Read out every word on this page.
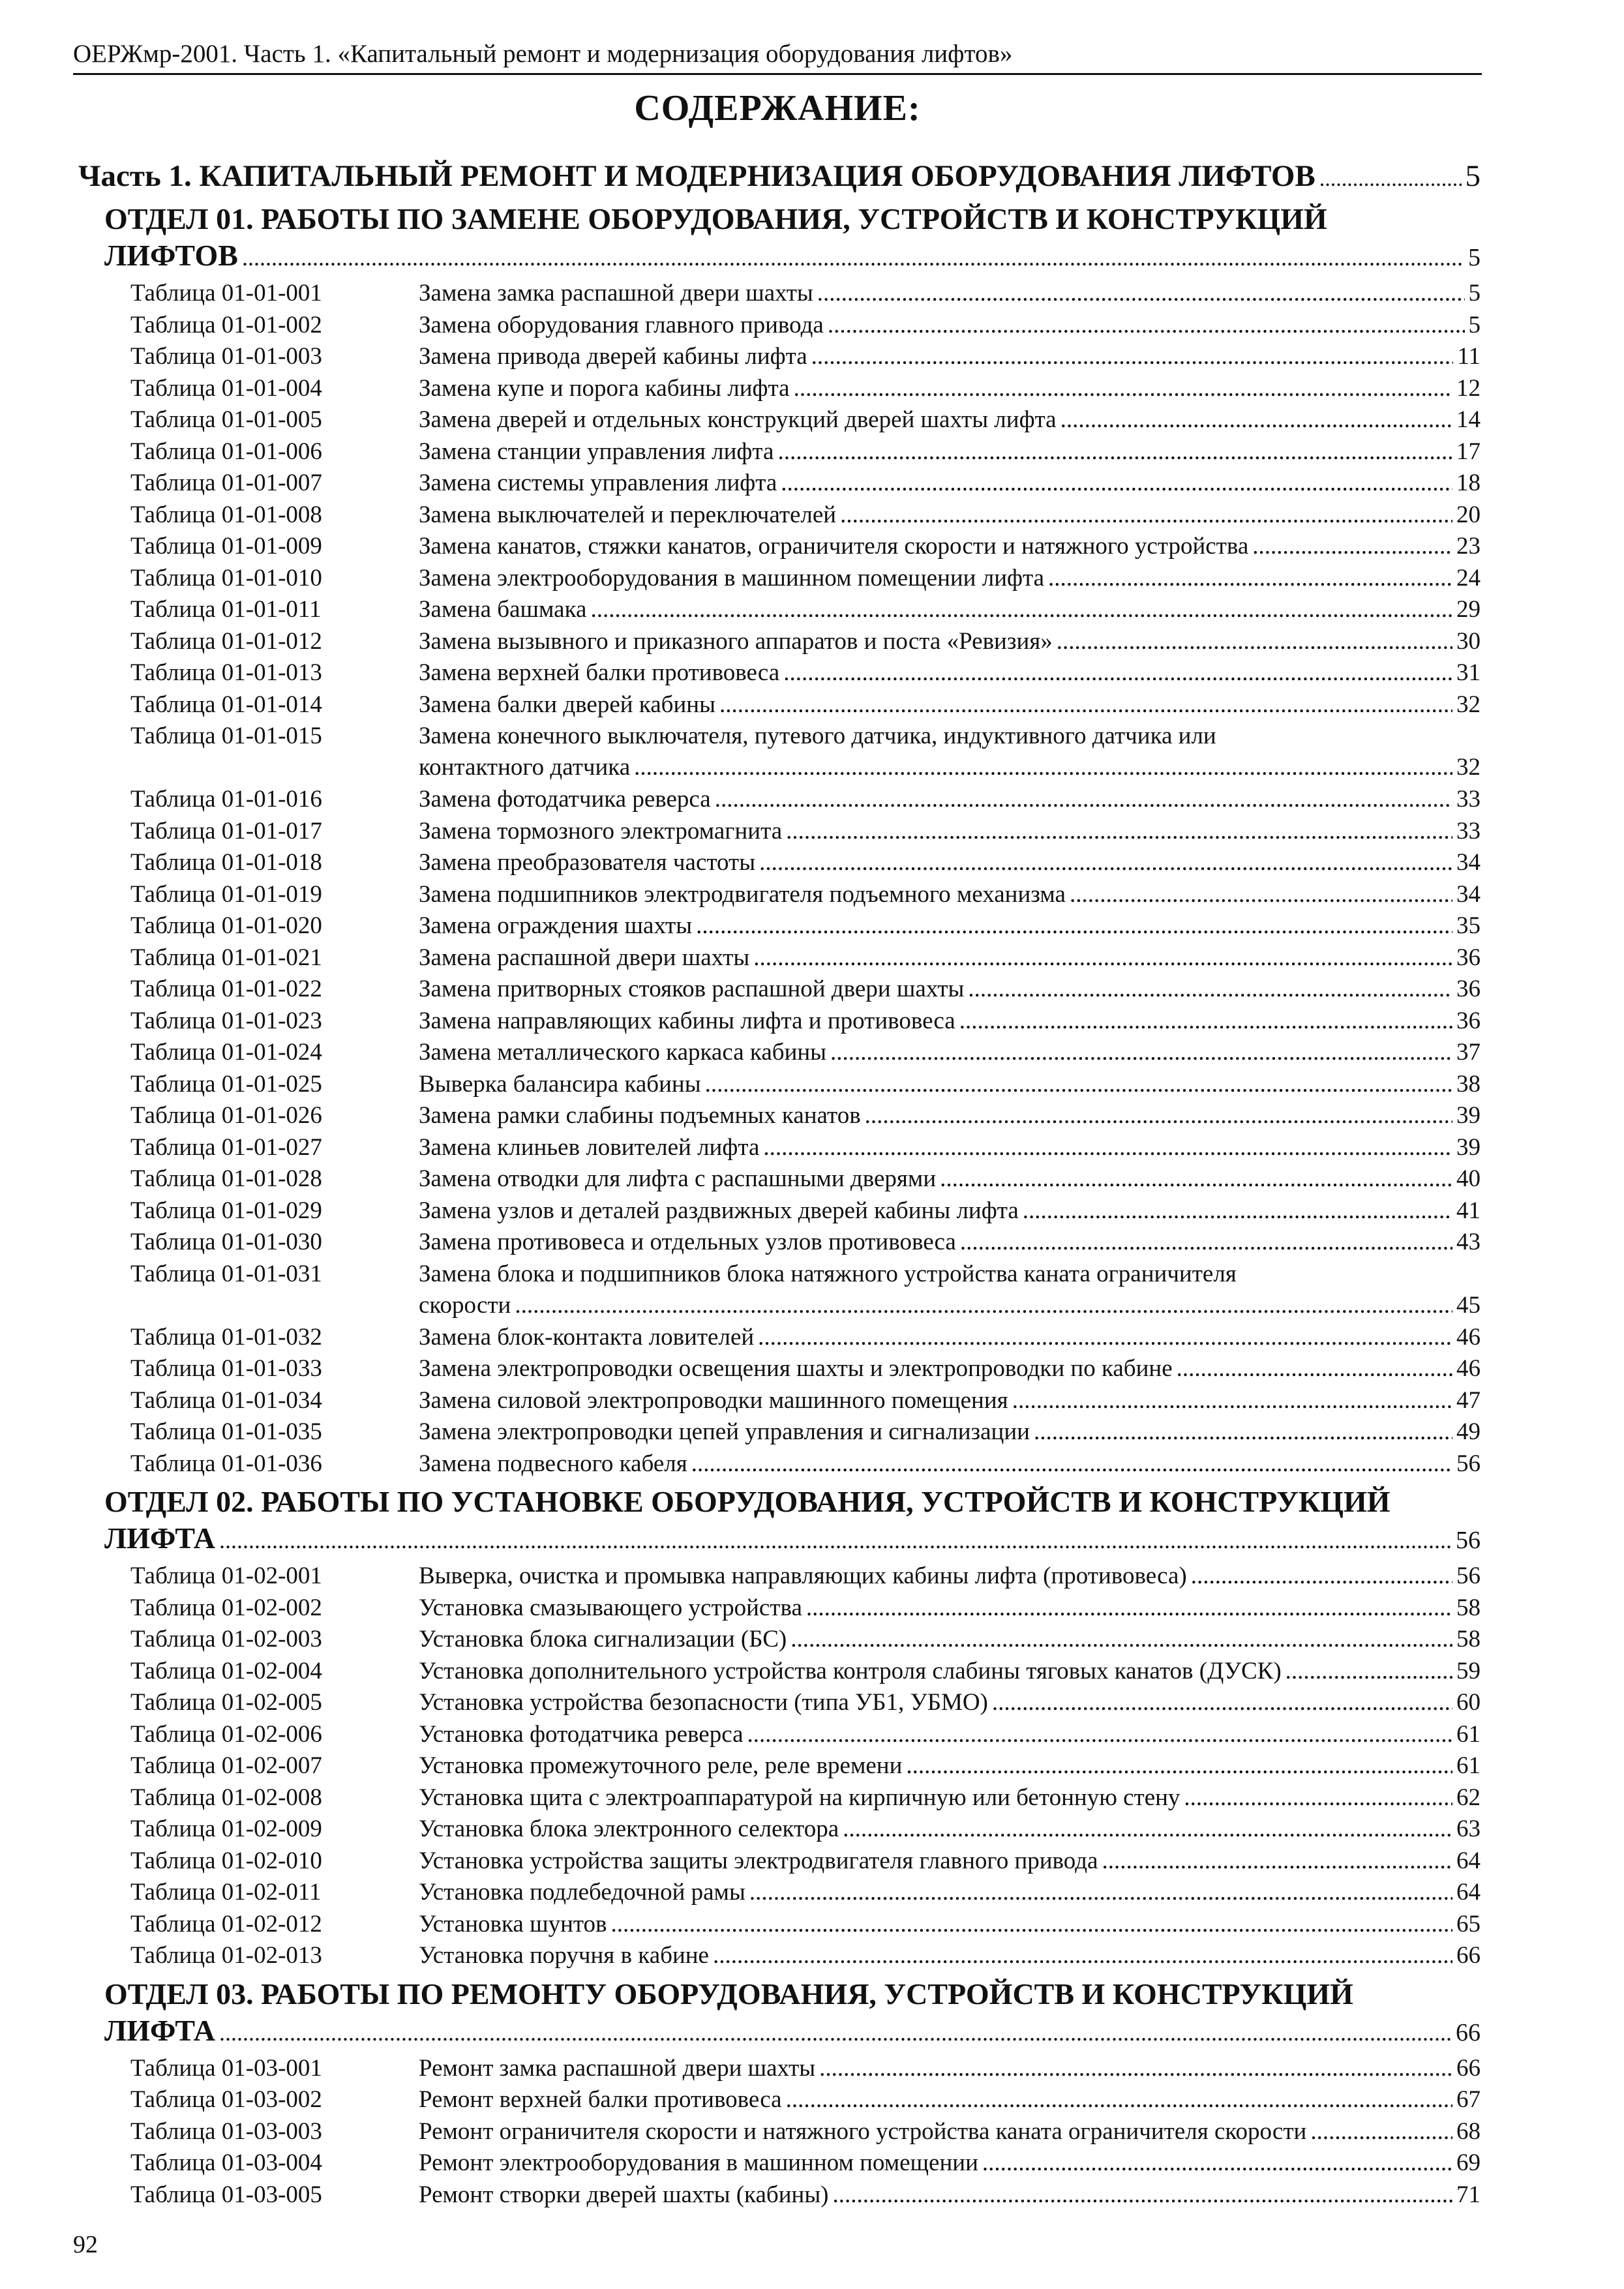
ОЕРЖмр-2001. Часть 1. «Капитальный ремонт и модернизация оборудования лифтов»
СОДЕРЖАНИЕ:
Часть 1. КАПИТАЛЬНЫЙ РЕМОНТ И МОДЕРНИЗАЦИЯ ОБОРУДОВАНИЯ ЛИФТОВ .....	5
ОТДЕЛ 01. РАБОТЫ ПО ЗАМЕНЕ ОБОРУДОВАНИЯ, УСТРОЙСТВ И КОНСТРУКЦИЙ
ЛИФТОВ .....	5
Таблица 01-01-001	Замена замка распашной двери шахты .....	5
Таблица 01-01-002	Замена оборудования главного привода .....	5
Таблица 01-01-003	Замена привода дверей кабины лифта .....	11
Таблица 01-01-004	Замена купе и порога кабины лифта .....	12
Таблица 01-01-005	Замена дверей и отдельных конструкций дверей шахты лифта .....	14
Таблица 01-01-006	Замена станции управления лифта .....	17
Таблица 01-01-007	Замена системы управления лифта .....	18
Таблица 01-01-008	Замена выключателей и переключателей .....	20
Таблица 01-01-009	Замена канатов, стяжки канатов, ограничителя скорости и натяжного устройства .....	23
Таблица 01-01-010	Замена электрооборудования в машинном помещении лифта .....	24
Таблица 01-01-011	Замена башмака .....	29
Таблица 01-01-012	Замена вызывного и приказного аппаратов и поста «Ревизия» .....	30
Таблица 01-01-013	Замена верхней балки противовеса .....	31
Таблица 01-01-014	Замена балки дверей кабины .....	32
Таблица 01-01-015	Замена конечного выключателя, путевого датчика, индуктивного датчика или
контактного датчика .....	32
Таблица 01-01-016	Замена фотодатчика реверса .....	33
Таблица 01-01-017	Замена тормозного электромагнита .....	33
Таблица 01-01-018	Замена преобразователя частоты .....	34
Таблица 01-01-019	Замена подшипников электродвигателя подъемного механизма .....	34
Таблица 01-01-020	Замена ограждения шахты .....	35
Таблица 01-01-021	Замена распашной двери шахты .....	36
Таблица 01-01-022	Замена притворных стояков распашной двери шахты .....	36
Таблица 01-01-023	Замена направляющих кабины лифта и противовеса .....	36
Таблица 01-01-024	Замена металлического каркаса кабины .....	37
Таблица 01-01-025	Выверка балансира кабины .....	38
Таблица 01-01-026	Замена рамки слабины подъемных канатов .....	39
Таблица 01-01-027	Замена клиньев ловителей лифта .....	39
Таблица 01-01-028	Замена отводки для лифта с распашными дверями .....	40
Таблица 01-01-029	Замена узлов и деталей раздвижных дверей кабины лифта .....	41
Таблица 01-01-030	Замена противовеса и отдельных узлов противовеса .....	43
Таблица 01-01-031	Замена блока и подшипников блока натяжного устройства каната ограничителя
скорости .....	45
Таблица 01-01-032	Замена блок-контакта ловителей .....	46
Таблица 01-01-033	Замена электропроводки освещения шахты и электропроводки по кабине .....	46
Таблица 01-01-034	Замена силовой электропроводки машинного помещения .....	47
Таблица 01-01-035	Замена электропроводки цепей управления и сигнализации .....	49
Таблица 01-01-036	Замена подвесного кабеля .....	56
ОТДЕЛ 02. РАБОТЫ ПО УСТАНОВКЕ ОБОРУДОВАНИЯ, УСТРОЙСТВ И КОНСТРУКЦИЙ
ЛИФТА .....	56
Таблица 01-02-001	Выверка, очистка и промывка направляющих кабины лифта (противовеса) .....	56
Таблица 01-02-002	Установка смазывающего устройства .....	58
Таблица 01-02-003	Установка блока сигнализации (БС) .....	58
Таблица 01-02-004	Установка дополнительного устройства контроля слабины тяговых канатов (ДУСК) .....	59
Таблица 01-02-005	Установка устройства безопасности (типа УБ1, УБМО) .....	60
Таблица 01-02-006	Установка фотодатчика реверса .....	61
Таблица 01-02-007	Установка промежуточного реле, реле времени .....	61
Таблица 01-02-008	Установка щита с электроаппаратурой на кирпичную или бетонную стену .....	62
Таблица 01-02-009	Установка блока электронного селектора .....	63
Таблица 01-02-010	Установка устройства защиты электродвигателя главного привода .....	64
Таблица 01-02-011	Установка подлебедочной рамы .....	64
Таблица 01-02-012	Установка шунтов .....	65
Таблица 01-02-013	Установка поручня в кабине .....	66
ОТДЕЛ 03. РАБОТЫ ПО РЕМОНТУ ОБОРУДОВАНИЯ, УСТРОЙСТВ И КОНСТРУКЦИЙ
ЛИФТА .....	66
Таблица 01-03-001	Ремонт замка распашной двери шахты .....	66
Таблица 01-03-002	Ремонт верхней балки противовеса .....	67
Таблица 01-03-003	Ремонт ограничителя скорости и натяжного устройства каната ограничителя скорости .....	68
Таблица 01-03-004	Ремонт электрооборудования в машинном помещении .....	69
Таблица 01-03-005	Ремонт створки дверей шахты (кабины) .....	71
92
